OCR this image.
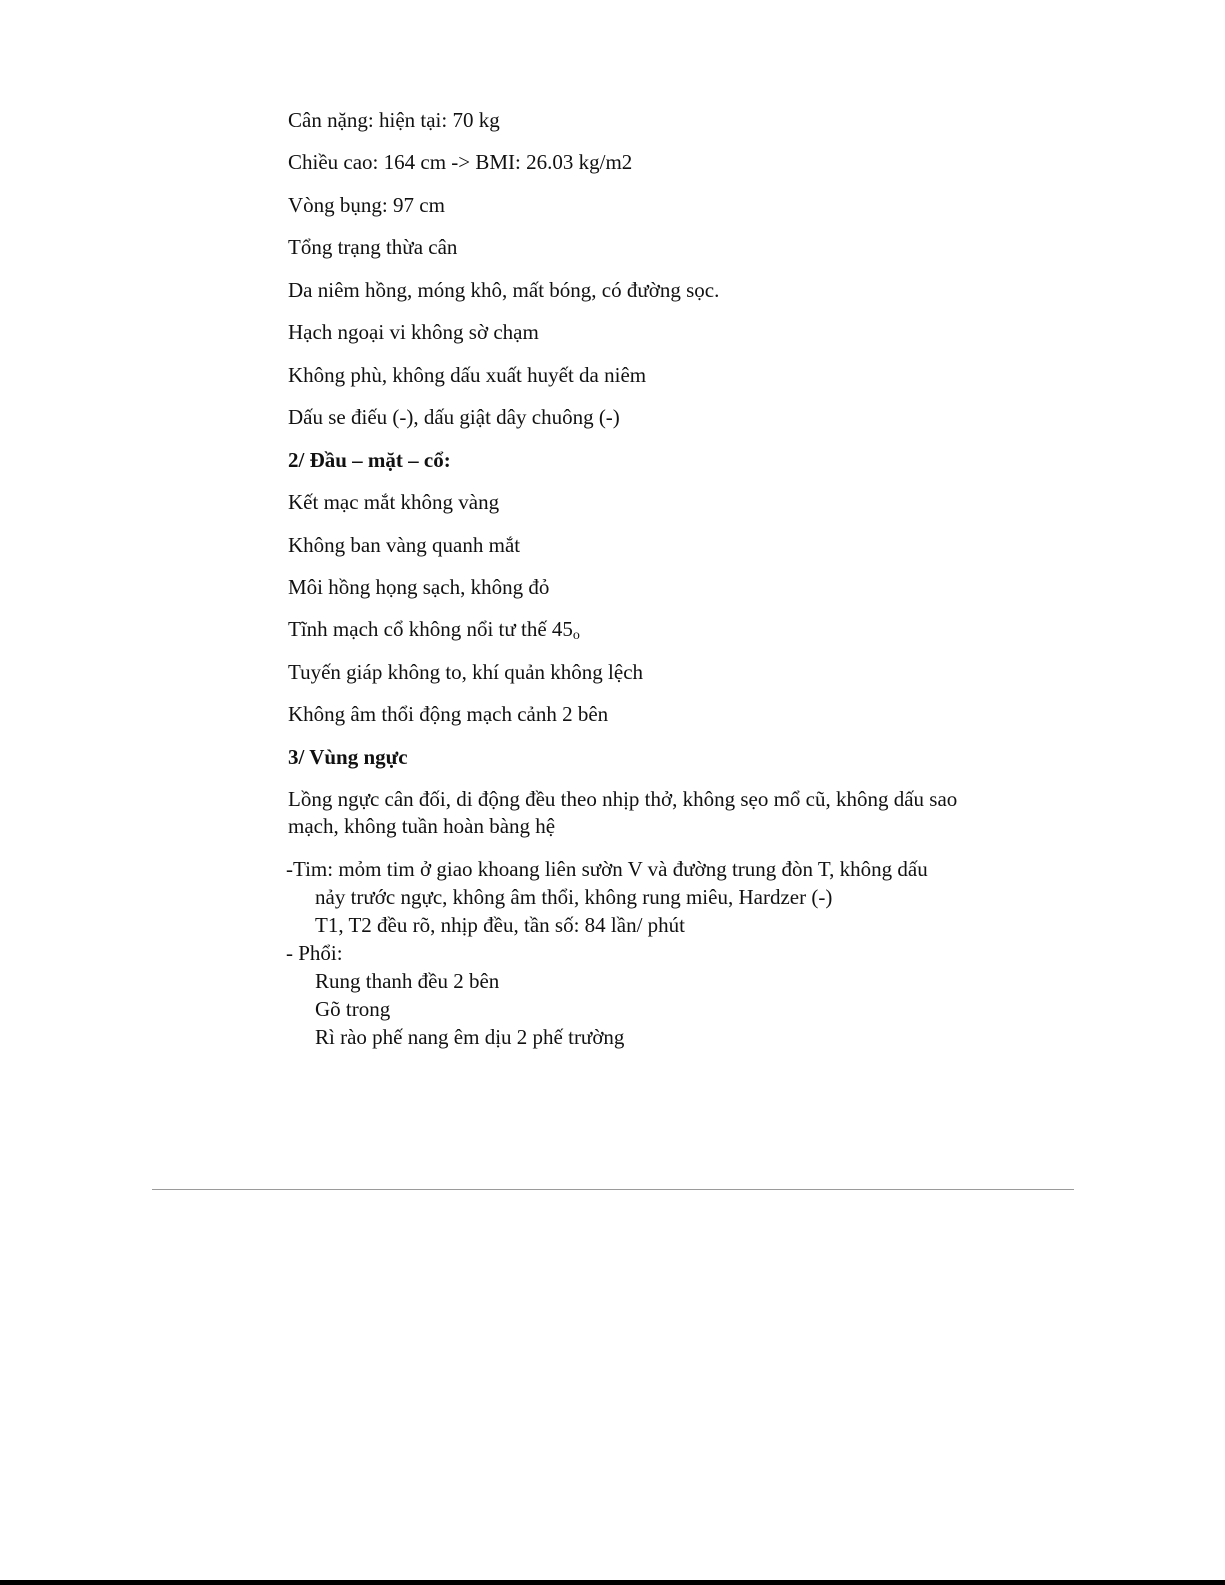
Cân nặng: hiện tại: 70 kg
Chiều cao: 164 cm -> BMI: 26.03 kg/m2
Vòng bụng: 97 cm
Tổng trạng thừa cân
Da niêm hồng, móng khô, mất bóng, có đường sọc.
Hạch ngoại vi không sờ chạm
Không phù, không dấu xuất huyết da niêm
Dấu se điếu (-), dấu giật dây chuông (-)
2/ Đầu – mặt – cổ:
Kết mạc mắt không vàng
Không ban vàng quanh mắt
Môi hồng họng sạch, không đỏ
Tĩnh mạch cổ không nổi tư thế $45_o$
Tuyến giáp không to, khí quản không lệch
Không âm thổi động mạch cảnh 2 bên
3/ Vùng ngực
Lồng ngực cân đối, di động đều theo nhịp thở, không sẹo mổ cũ, không dấu sao mạch, không tuần hoàn bàng hệ
-Tim: mỏm tim ở giao khoang liên sườn V và đường trung đòn T, không dấu
nảy trước ngực, không âm thổi, không rung miêu, Hardzer (-)
T1, T2 đều rõ, nhịp đều, tần số: 84 lần/ phút
- Phổi:
Rung thanh đều 2 bên
Gõ trong
Rì rào phế nang êm dịu 2 phế trường
